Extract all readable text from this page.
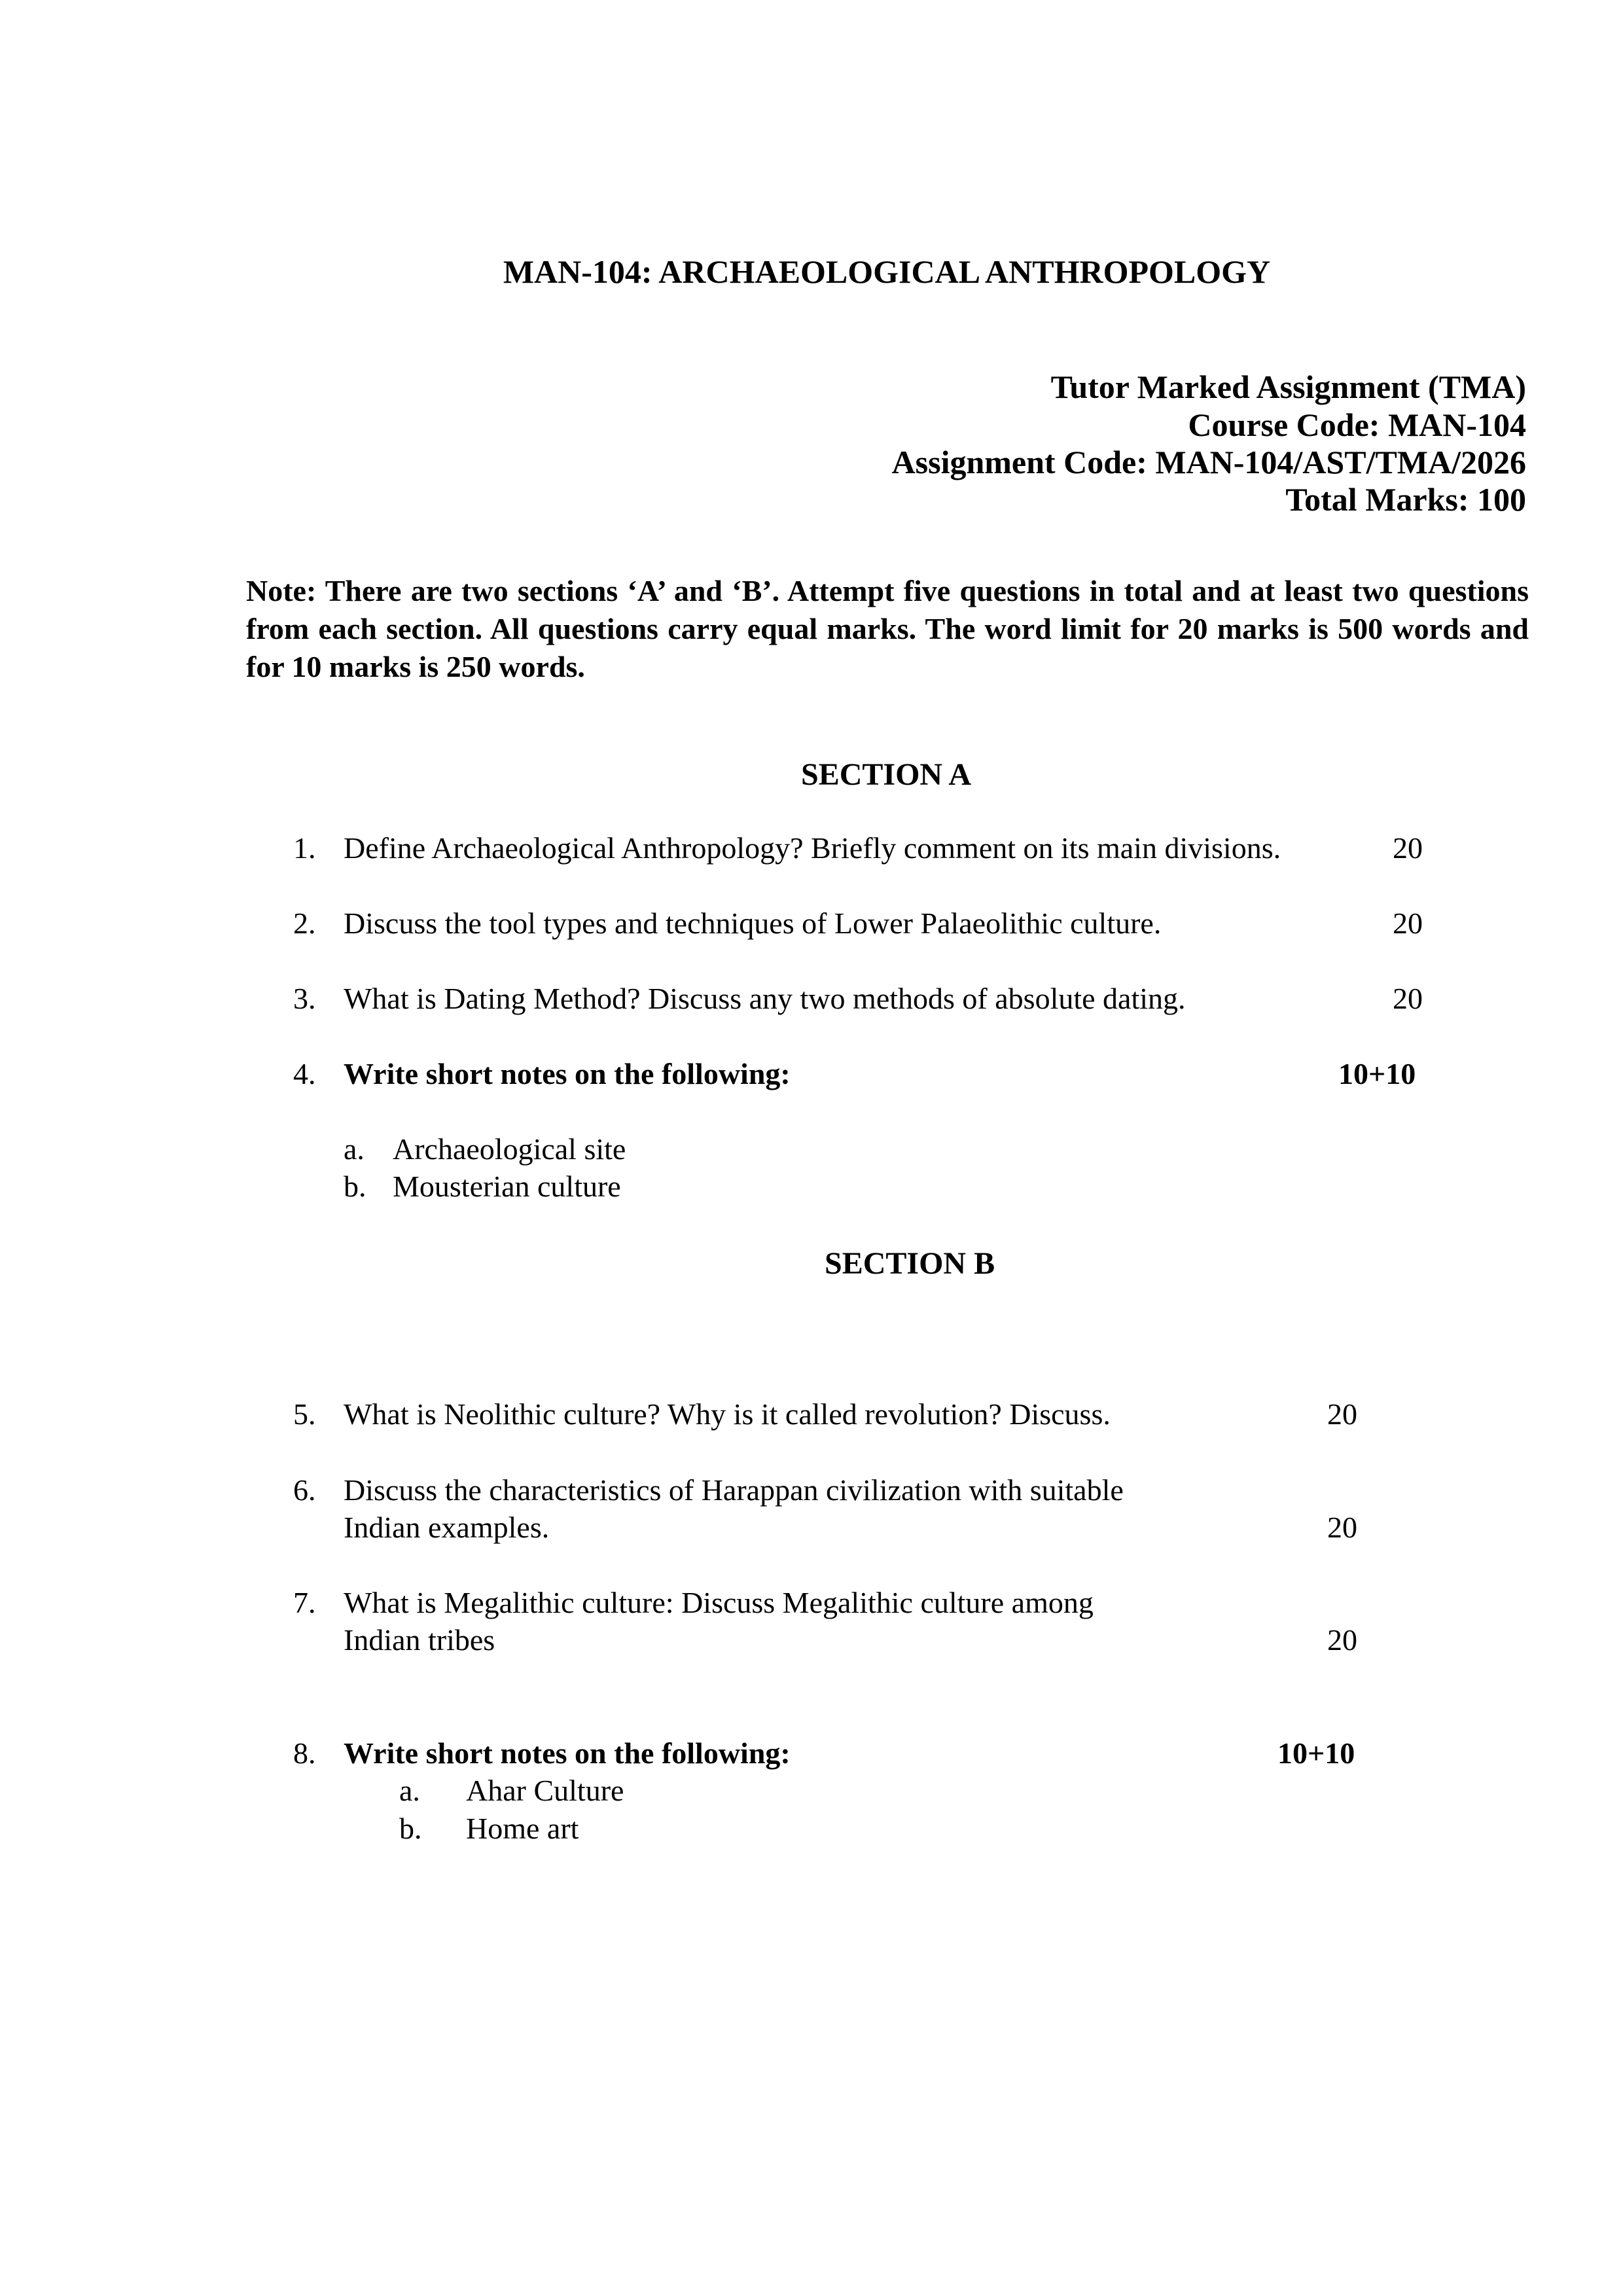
MAN-104: ARCHAEOLOGICAL ANTHROPOLOGY
Tutor Marked Assignment (TMA)
Course Code: MAN-104
Assignment Code: MAN-104/AST/TMA/2026
Total Marks: 100
Note: There are two sections ‘A’ and ‘B’. Attempt five questions in total and at least two questions from each section. All questions carry equal marks. The word limit for 20 marks is 500 words and for 10 marks is 250 words.
SECTION A
1. Define Archaeological Anthropology? Briefly comment on its main divisions.	20
2. Discuss the tool types and techniques of Lower Palaeolithic culture.	20
3. What is Dating Method? Discuss any two methods of absolute dating.	20
4. Write short notes on the following:	10+10
a. Archaeological site
b. Mousterian culture
SECTION B
5. What is Neolithic culture? Why is it called revolution? Discuss.	20
6. Discuss the characteristics of Harappan civilization with suitable
Indian examples.	20
7. What is Megalithic culture: Discuss Megalithic culture among
Indian tribes	20
8. Write short notes on the following:	10+10
a. Ahar Culture
b. Home art
